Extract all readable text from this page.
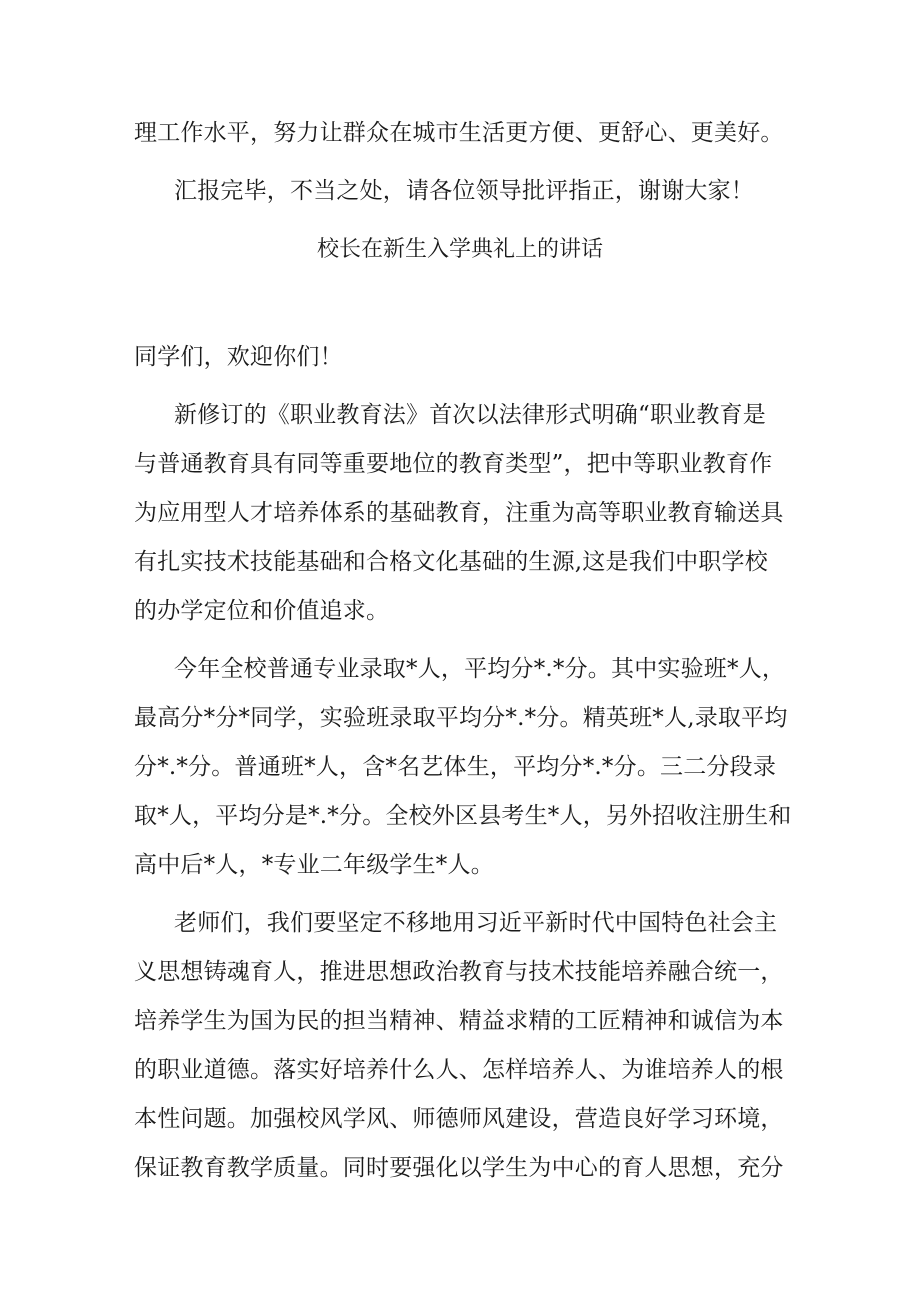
理工作水平，努力让群众在城市生活更方便、更舒心、更美好。
汇报完毕，不当之处，请各位领导批评指正，谢谢大家！
校长在新生入学典礼上的讲话
同学们，欢迎你们！
新修订的《职业教育法》首次以法律形式明确“职业教育是
与普通教育具有同等重要地位的教育类型”，把中等职业教育作
为应用型人才培养体系的基础教育，注重为高等职业教育输送具
有扎实技术技能基础和合格文化基础的生源,这是我们中职学校
的办学定位和价值追求。
今年全校普通专业录取*人，平均分*.*分。其中实验班*人，
最高分*分*同学，实验班录取平均分*.*分。精英班*人,录取平均
分*.*分。普通班*人，含*名艺体生，平均分*.*分。三二分段录
取*人，平均分是*.*分。全校外区县考生*人，另外招收注册生和
高中后*人，*专业二年级学生*人。
老师们，我们要坚定不移地用习近平新时代中国特色社会主
义思想铸魂育人，推进思想政治教育与技术技能培养融合统一，
培养学生为国为民的担当精神、精益求精的工匠精神和诚信为本
的职业道德。落实好培养什么人、怎样培养人、为谁培养人的根
本性问题。加强校风学风、师德师风建设，营造良好学习环境，
保证教育教学质量。同时要强化以学生为中心的育人思想，充分
